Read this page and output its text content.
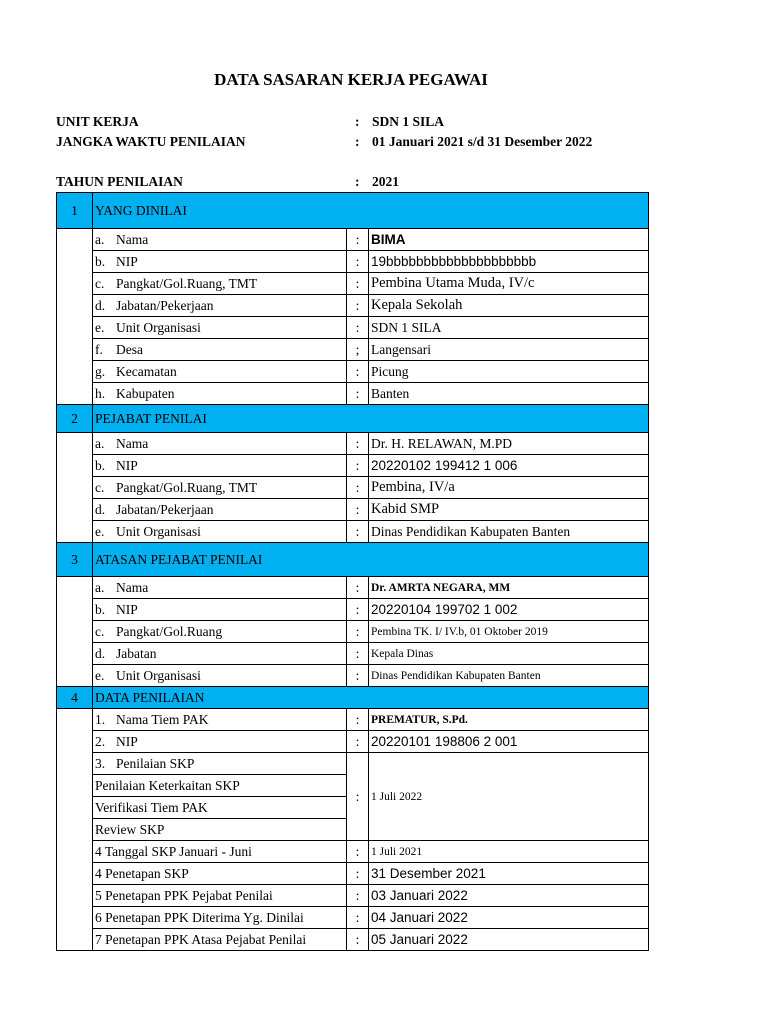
DATA SASARAN KERJA PEGAWAI
UNIT KERJA	: SDN 1 SILA
JANGKA WAKTU PENILAIAN	: 01 Januari 2021 s/d 31 Desember 2022
TAHUN PENILAIAN	: 2021
1	YANG DINILAI		
	a. Nama	:	BIMA
	b. NIP	:	19bbbbbbbbbbbbbbbbbbbb
	c. Pangkat/Gol.Ruang, TMT	:	Pembina Utama Muda, IV/c
	d. Jabatan/Pekerjaan	:	Kepala Sekolah
	e. Unit Organisasi	:	SDN 1 SILA
	f. Desa	;	Langensari
	g. Kecamatan	:	Picung
	h. Kabupaten	:	Banten
2	PEJABAT PENILAI		
	a. Nama	:	Dr. H. RELAWAN, M.PD
	b. NIP	:	20220102 199412 1 006
	c. Pangkat/Gol.Ruang, TMT	:	Pembina, IV/a
	d. Jabatan/Pekerjaan	:	Kabid SMP
	e. Unit Organisasi	:	Dinas Pendidikan Kabupaten Banten
3	ATASAN PEJABAT PENILAI		
	a. Nama	:	Dr. AMRTA NEGARA, MM
	b. NIP	:	20220104 199702 1 002
	c. Pangkat/Gol.Ruang	:	Pembina TK. I/ IV.b, 01 Oktober 2019
	d. Jabatan	:	Kepala Dinas
	e. Unit Organisasi	:	Dinas Pendidikan Kabupaten Banten
4	DATA PENILAIAN		
	1. Nama Tiem PAK	:	PREMATUR, S.Pd.
	2. NIP	:	20220101 198806 2 001
	3. Penilaian SKP	:	1 Juli 2022
	Penilaian Keterkaitan SKP		
	Verifikasi Tiem PAK		
	Review SKP		
	4 Tanggal SKP Januari - Juni	:	1 Juli 2021
	4 Penetapan SKP	:	31 Desember 2021
	5 Penetapan PPK Pejabat Penilai	:	03 Januari 2022
	6 Penetapan PPK Diterima Yg. Dinilai	:	04 Januari 2022
	7 Penetapan PPK Atasa Pejabat Penilai	:	05 Januari 2022
